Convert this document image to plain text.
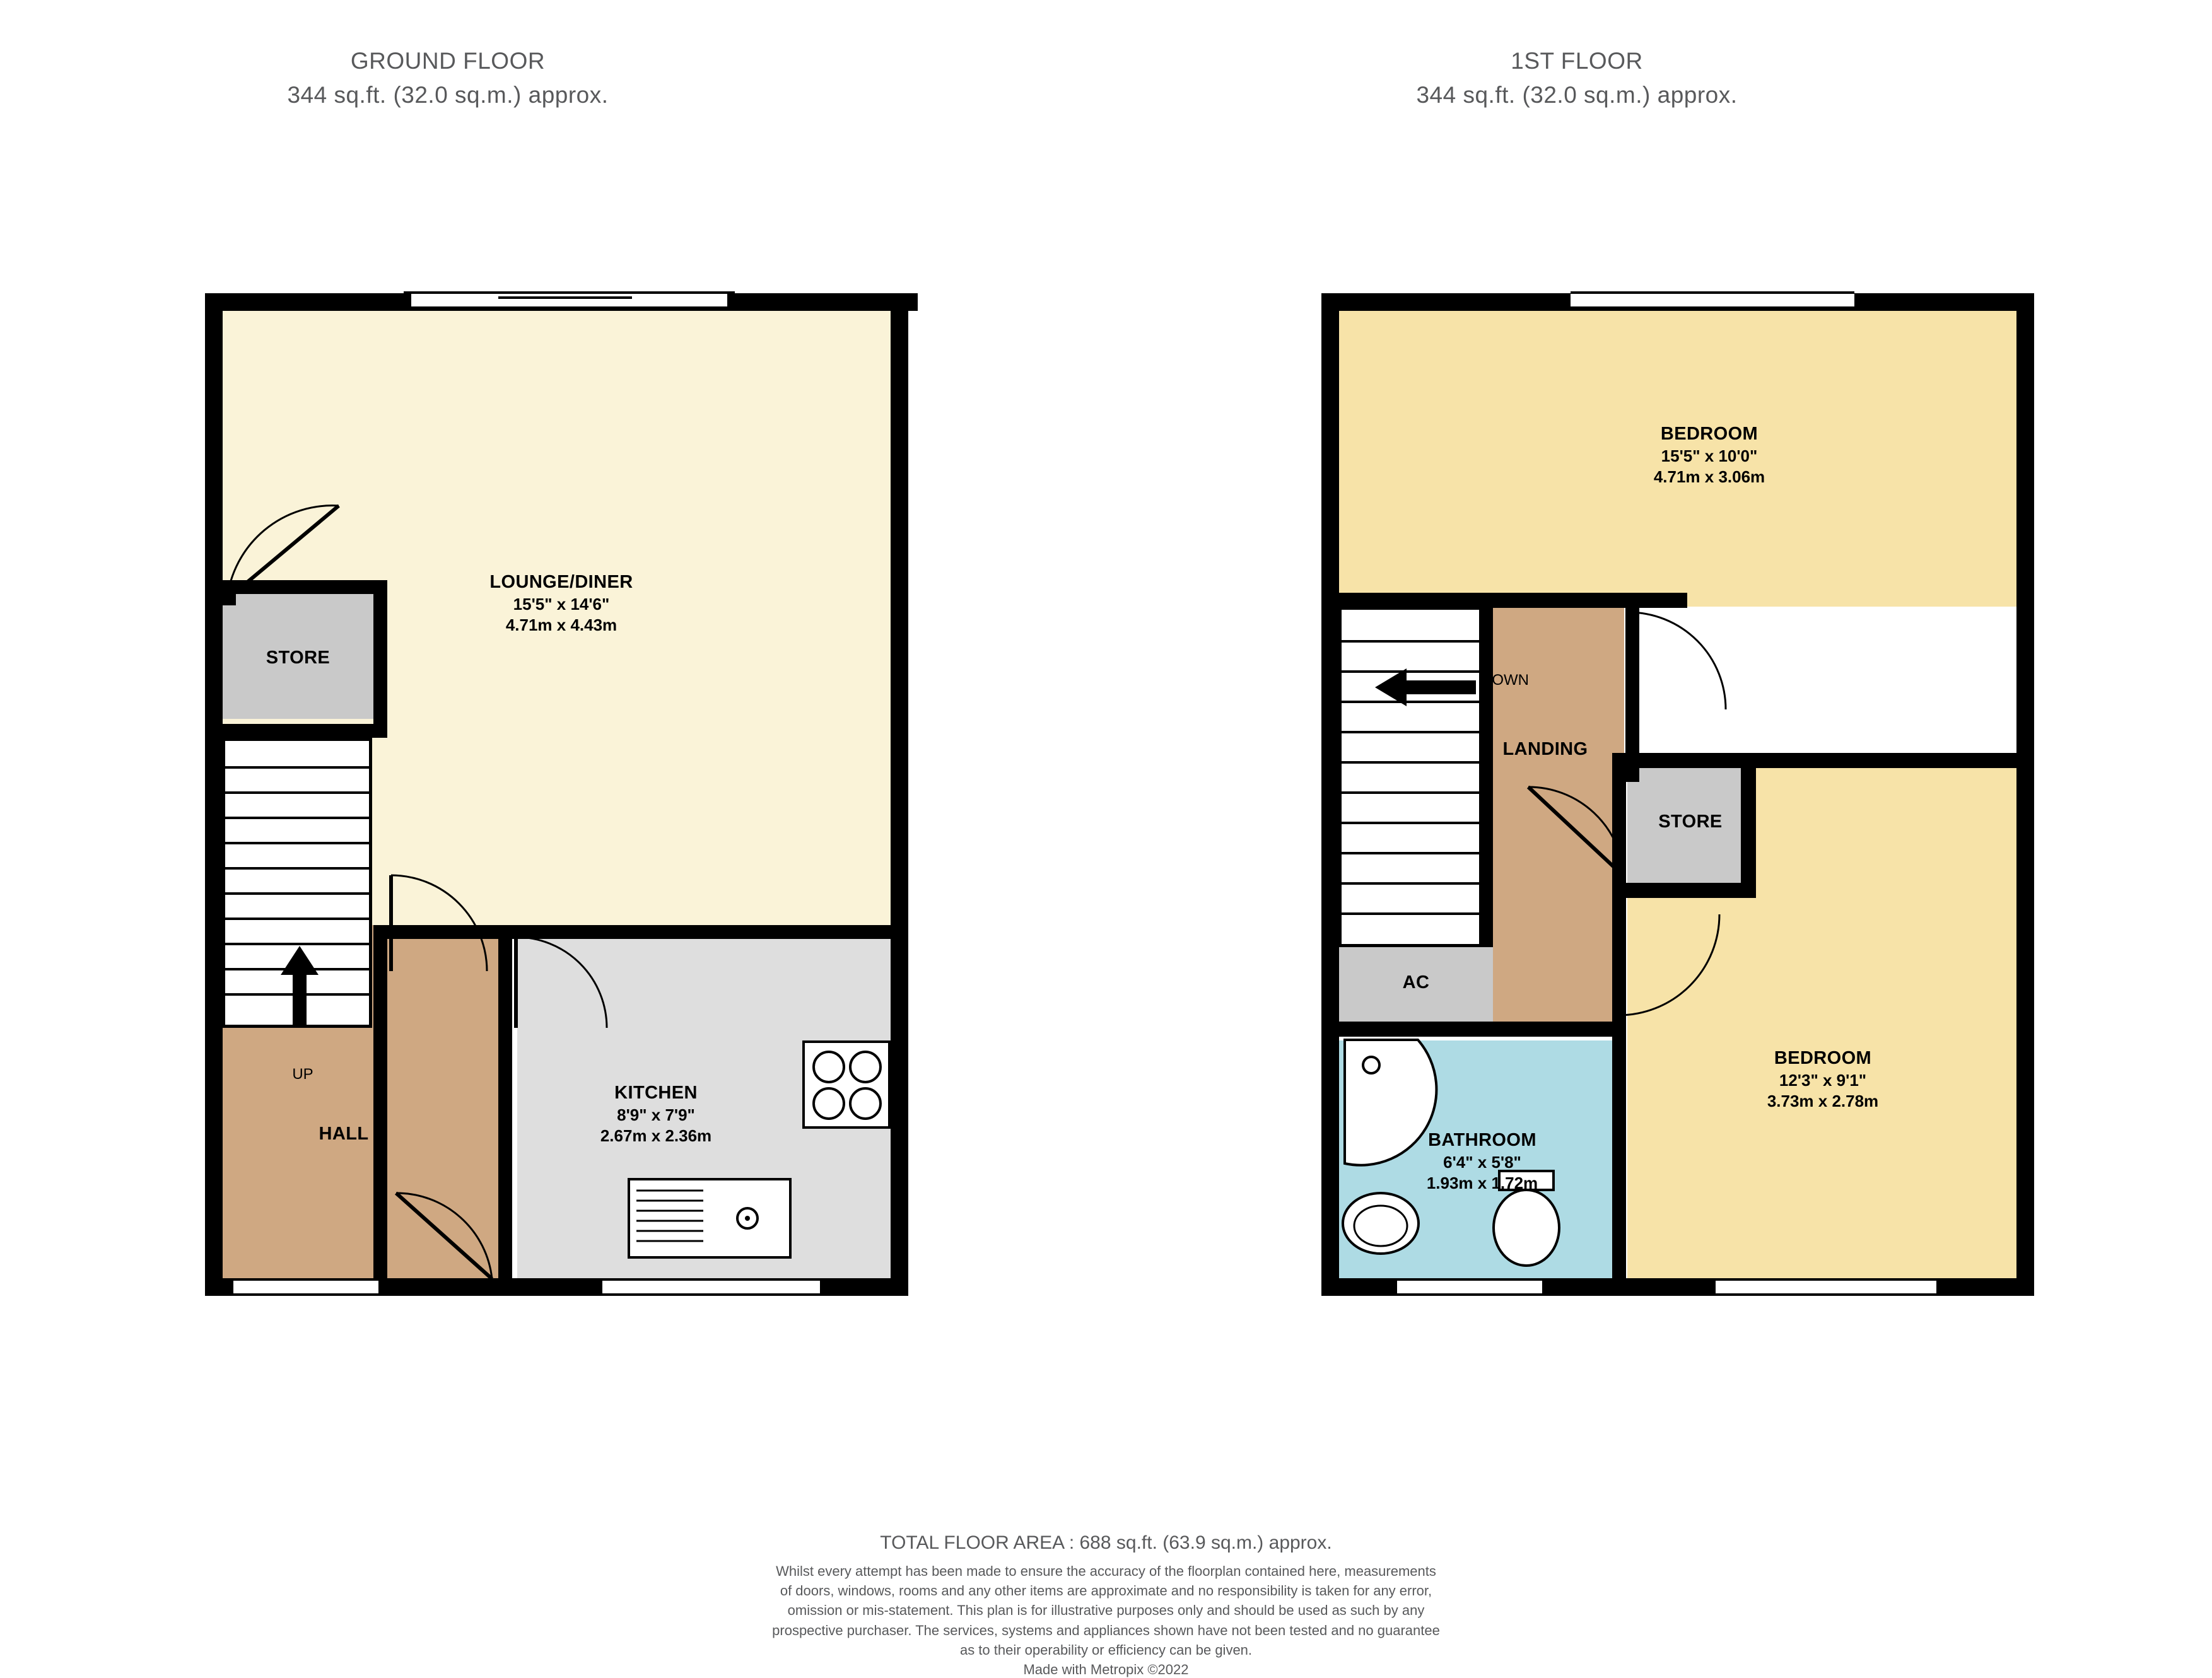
GROUND FLOOR
344 sq.ft. (32.0 sq.m.) approx.
1ST FLOOR
344 sq.ft. (32.0 sq.m.) approx.
LOUNGE/DINER
15'5" x 14'6"
4.71m x 4.43m
KITCHEN
8'9" x 7'9"
2.67m x 2.36m
HALL
STORE
UP
BEDROOM
15'5" x 10'0"
4.71m x 3.06m
BEDROOM
12'3" x 9'1"
3.73m x 2.78m
BATHROOM
6'4" x 5'8"
1.93m x 1.72m
LANDING
STORE
AC
DOWN
TOTAL FLOOR AREA : 688 sq.ft. (63.9 sq.m.) approx.
Whilst every attempt has been made to ensure the accuracy of the floorplan contained here, measurements
of doors, windows, rooms and any other items are approximate and no responsibility is taken for any error,
omission or mis-statement. This plan is for illustrative purposes only and should be used as such by any
prospective purchaser. The services, systems and appliances shown have not been tested and no guarantee
as to their operability or efficiency can be given.
Made with Metropix ©2022
